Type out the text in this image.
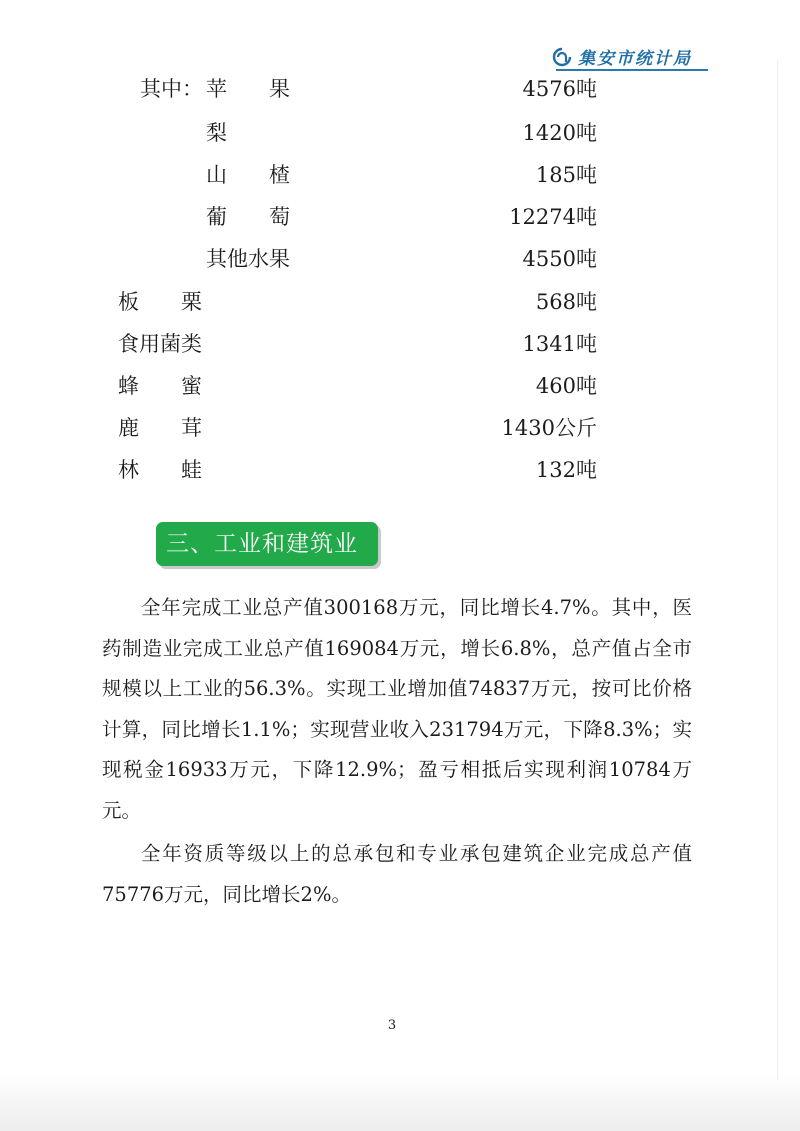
集安市统计局
其中： 苹　　果	4576吨
梨	1420吨
山　　楂	185吨
葡　　萄	12274吨
其他水果	4550吨
板　　栗	568吨
食用菌类	1341吨
蜂　　蜜	460吨
鹿　　茸	1430公斤
林　　蛙	132吨
三、工业和建筑业

全年完成工业总产值300168万元，同比增长4.7%。其中，医药制造业完成工业总产值169084万元，增长6.8%，总产值占全市规模以上工业的56.3%。实现工业增加值74837万元，按可比价格计算，同比增长1.1%；实现营业收入231794万元，下降8.3%；实现税金16933万元，下降12.9%；盈亏相抵后实现利润10784万元。

全年资质等级以上的总承包和专业承包建筑企业完成总产值75776万元，同比增长2%。

3
